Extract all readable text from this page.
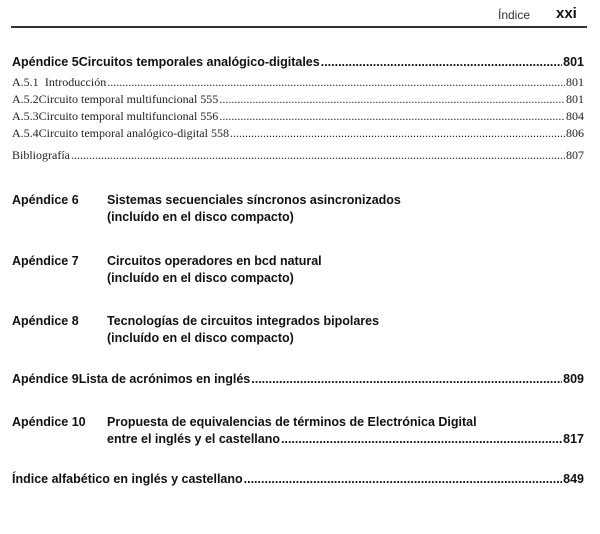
Índice xxi
Apéndice 5 Circuitos temporales analógico-digitales .....	801
A.5.1 Introducción .....	801
A.5.2 Circuito temporal multifuncional 555 .....	801
A.5.3 Circuito temporal multifuncional 556 .....	804
A.5.4 Circuito temporal analógico-digital 558 .....	806
Bibliografía .....	807
Apéndice 6	Sistemas secuenciales síncronos asincronizados
(incluído en el disco compacto)
Apéndice 7	Circuitos operadores en bcd natural
(incluído en el disco compacto)
Apéndice 8	Tecnologías de circuitos integrados bipolares
(incluído en el disco compacto)
Apéndice 9 Lista de acrónimos en inglés .....	809
Apéndice 10	Propuesta de equivalencias de términos de Electrónica Digital
entre el inglés y el castellano .....	817
Índice alfabético en inglés y castellano .....	849
